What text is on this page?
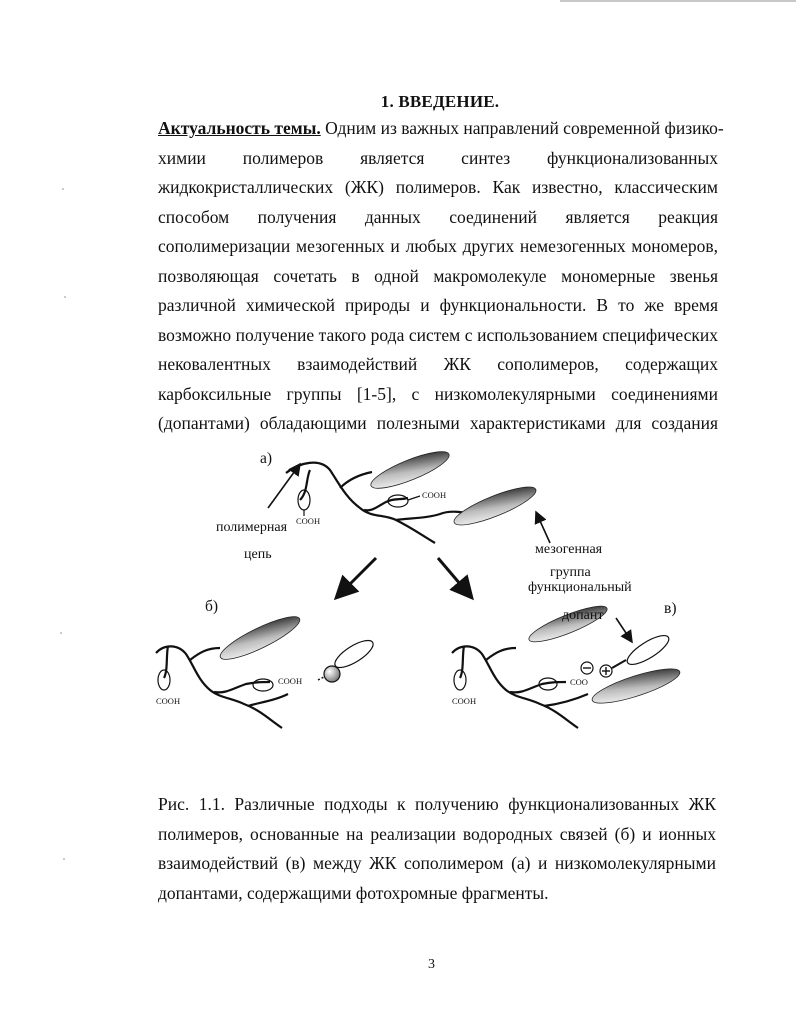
1. ВВЕДЕНИЕ.
Актуальность темы. Одним из важных направлений современной физико-
химии полимеров является синтез функционализованных
жидкокристаллических (ЖК) полимеров. Как известно, классическим
способом получения данных соединений является реакция
сополимеризации мезогенных и любых других немезогенных мономеров,
позволяющая сочетать в одной макромолекуле мономерные звенья
различной химической природы и функциональности. В то же время
возможно получение такого рода систем с использованием специфических
нековалентных взаимодействий ЖК сополимеров, содержащих
карбоксильные группы [1-5], с низкомолекулярными соединениями
(допантами) обладающими полезными характеристиками для создания
а)
б)	в)
полимерная
цепь	мезогенная
группа
функциональный
допант
COOH
COOH
COOH
COOH
COOH
COO
Рис. 1.1. Различные подходы к получению функционализованных ЖК
полимеров, основанные на реализации водородных связей (б) и ионных
взаимодействий (в) между ЖК сополимером (а) и низкомолекулярными
допантами, содержащими фотохромные фрагменты.
3
